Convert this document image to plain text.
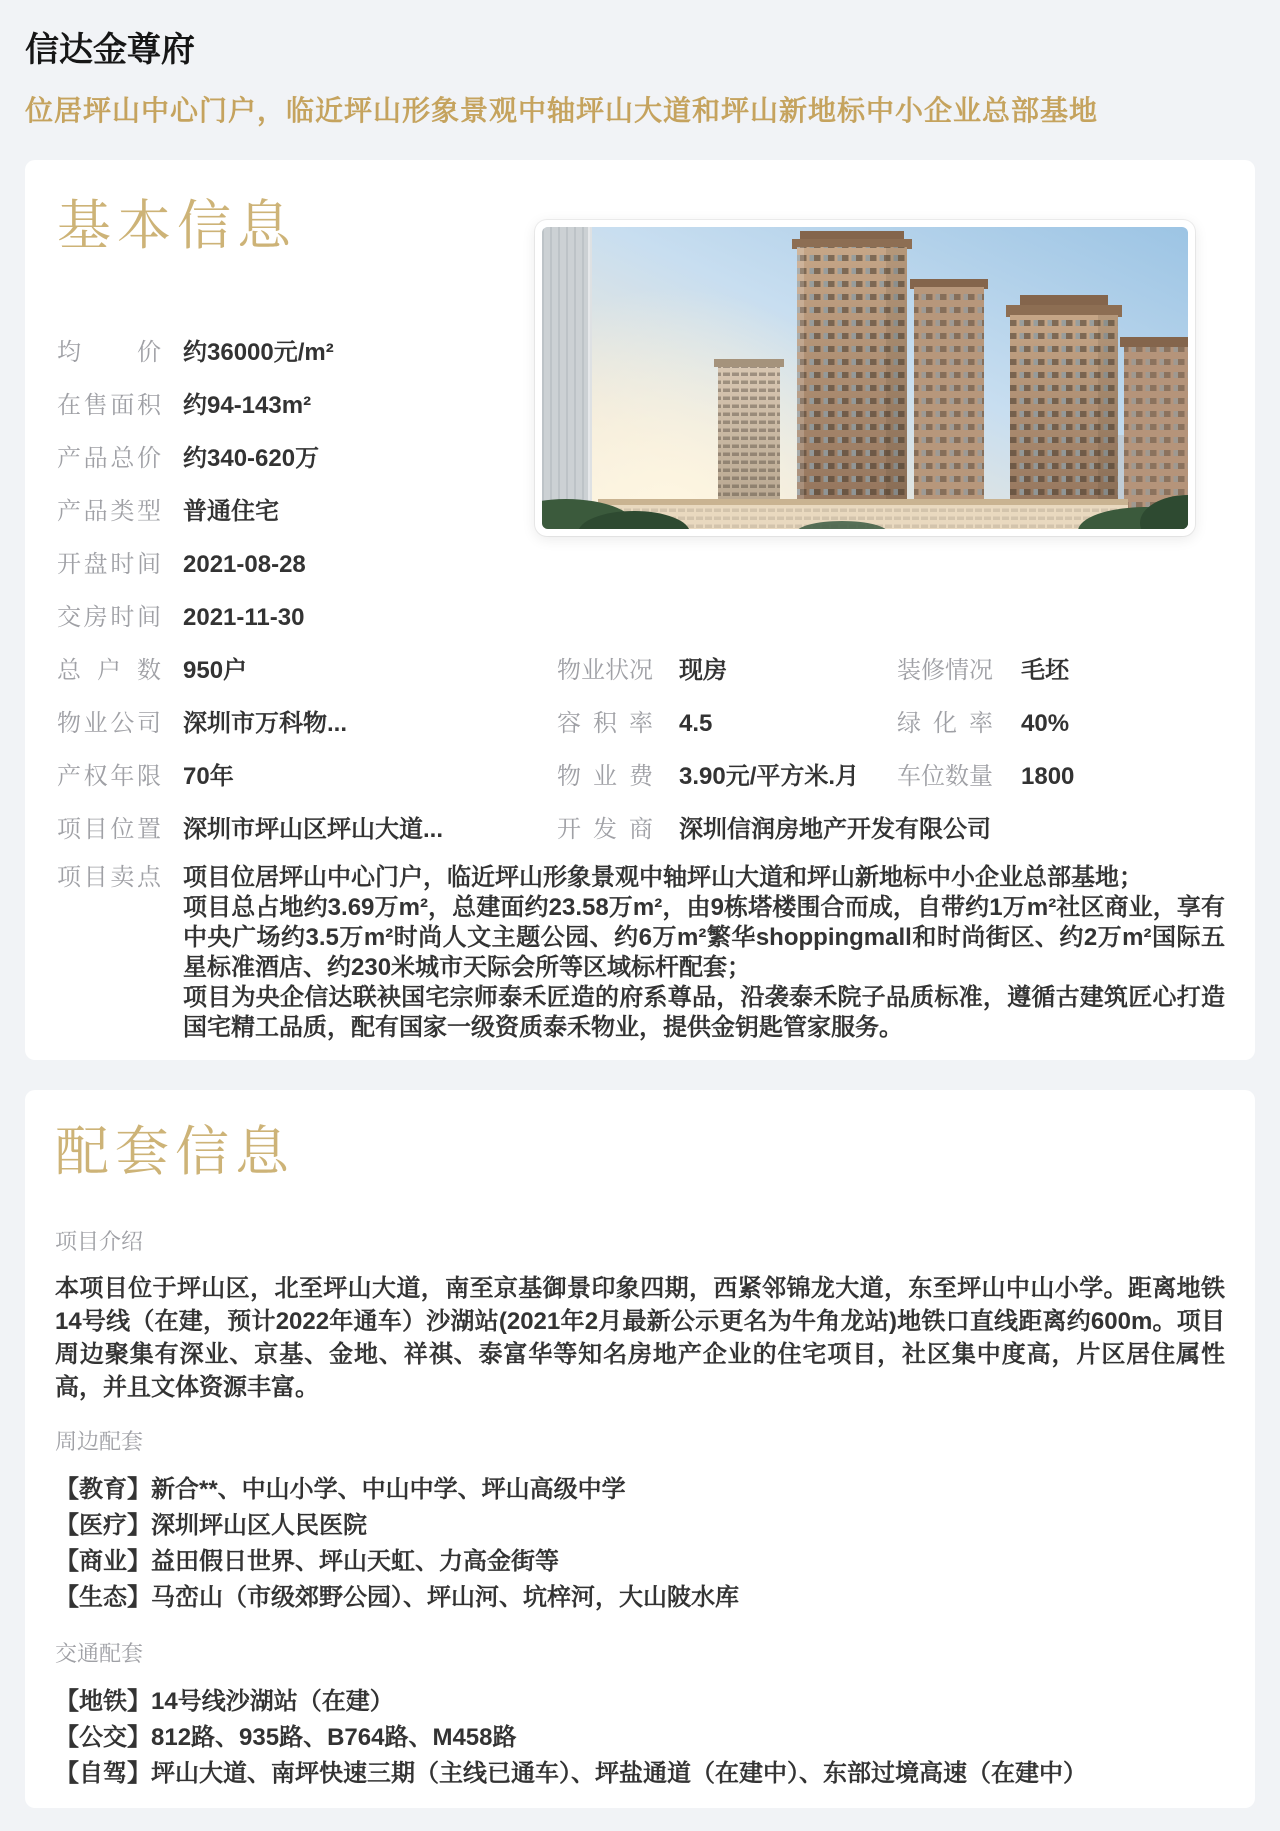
信达金尊府
位居坪山中心门户，临近坪山形象景观中轴坪山大道和坪山新地标中小企业总部基地
基本信息
均价 约36000元/m²
在售面积 约94-143m²
产品总价 约340-620万
产品类型 普通住宅
开盘时间 2021-08-28
交房时间 2021-11-30
总户数 950户
物业公司 深圳市万科物...
产权年限 70年
项目位置 深圳市坪山区坪山大道...
物业状况 现房	装修情况 毛坯
容积率 4.5	绿化率 40%
物业费 3.90元/平方米.月 车位数量 1800
开发商 深圳信润房地产开发有限公司
项目卖点 项目位居坪山中心门户，临近坪山形象景观中轴坪山大道和坪山新地标中小企业总部基地；
项目总占地约3.69万m²，总建面约23.58万m²，由9栋塔楼围合而成，自带约1万m²社区商业，享有中央广场约3.5万m²时尚人文主题公园、约6万m²繁华shoppingmall和时尚街区、约2万m²国际五星标准酒店、约230米城市天际会所等区域标杆配套；
项目为央企信达联袂国宅宗师泰禾匠造的府系尊品，沿袭泰禾院子品质标准，遵循古建筑匠心打造国宅精工品质，配有国家一级资质泰禾物业，提供金钥匙管家服务。
配套信息
项目介绍
本项目位于坪山区，北至坪山大道，南至京基御景印象四期，西紧邻锦龙大道，东至坪山中山小学。距离地铁14号线（在建，预计2022年通车）沙湖站(2021年2月最新公示更名为牛角龙站)地铁口直线距离约600m。项目周边聚集有深业、京基、金地、祥祺、泰富华等知名房地产企业的住宅项目，社区集中度高，片区居住属性高，并且文体资源丰富。
周边配套
【教育】新合**、中山小学、中山中学、坪山高级中学
【医疗】深圳坪山区人民医院
【商业】益田假日世界、坪山天虹、力高金街等
【生态】马峦山（市级郊野公园）、坪山河、坑梓河，大山陂水库
交通配套
【地铁】14号线沙湖站（在建）
【公交】812路、935路、B764路、M458路
【自驾】坪山大道、南坪快速三期（主线已通车）、坪盐通道（在建中）、东部过境高速（在建中）
